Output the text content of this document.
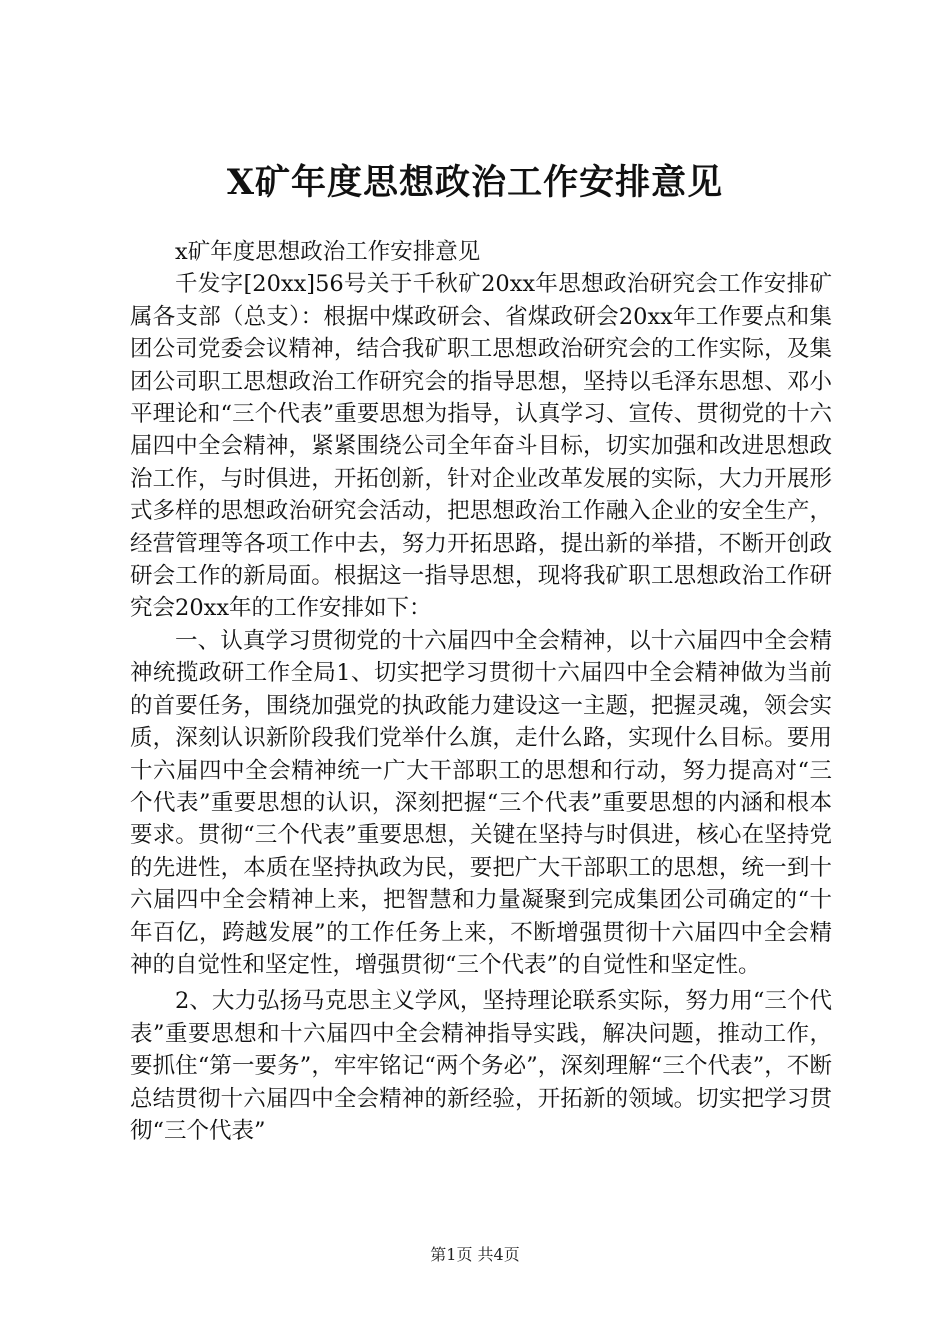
X矿年度思想政治工作安排意见

x矿年度思想政治工作安排意见

千发字[20xx]56号关于千秋矿20xx年思想政治研究会工作安排矿属各支部（总支）：根据中煤政研会、省煤政研会20xx年工作要点和集团公司党委会议精神，结合我矿职工思想政治研究会的工作实际，及集团公司职工思想政治工作研究会的指导思想，坚持以毛泽东思想、邓小平理论和“三个代表”重要思想为指导，认真学习、宣传、贯彻党的十六届四中全会精神，紧紧围绕公司全年奋斗目标，切实加强和改进思想政治工作，与时俱进，开拓创新，针对企业改革发展的实际，大力开展形式多样的思想政治研究会活动，把思想政治工作融入企业的安全生产，经营管理等各项工作中去，努力开拓思路，提出新的举措，不断开创政研会工作的新局面。根据这一指导思想，现将我矿职工思想政治工作研究会20xx年的工作安排如下：

一、认真学习贯彻党的十六届四中全会精神，以十六届四中全会精神统揽政研工作全局1、切实把学习贯彻十六届四中全会精神做为当前的首要任务，围绕加强党的执政能力建设这一主题，把握灵魂，领会实质，深刻认识新阶段我们党举什么旗，走什么路，实现什么目标。要用十六届四中全会精神统一广大干部职工的思想和行动，努力提高对“三个代表”重要思想的认识，深刻把握“三个代表”重要思想的内涵和根本要求。贯彻“三个代表”重要思想，关键在坚持与时俱进，核心在坚持党的先进性，本质在坚持执政为民，要把广大干部职工的思想，统一到十六届四中全会精神上来，把智慧和力量凝聚到完成集团公司确定的“十年百亿，跨越发展”的工作任务上来，不断增强贯彻十六届四中全会精神的自觉性和坚定性，增强贯彻“三个代表”的自觉性和坚定性。

2、大力弘扬马克思主义学风，坚持理论联系实际，努力用“三个代表”重要思想和十六届四中全会精神指导实践，解决问题，推动工作，要抓住“第一要务”，牢牢铭记“两个务必”，深刻理解“三个代表”，不断总结贯彻十六届四中全会精神的新经验，开拓新的领域。切实把学习贯彻“三个代表”

第1页 共4页
